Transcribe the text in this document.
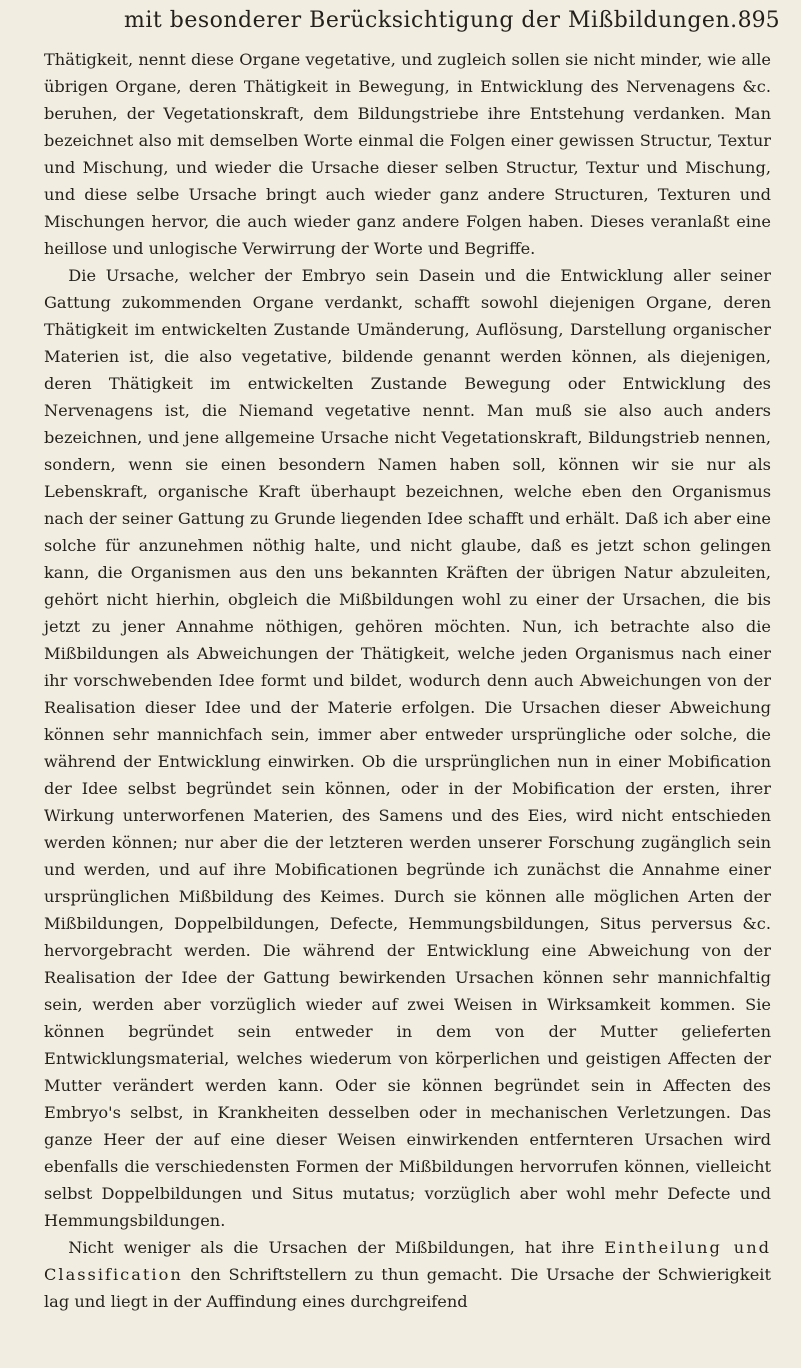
mit besonderer Berücksichtigung der Mißbildungen. 895

Thätigkeit, nennt diese Organe vegetative, und zugleich sollen sie nicht minder, wie alle übrigen Organe, deren Thätigkeit in Bewegung, in Entwicklung des Nervenagens &c. beruhen, der Vegetationskraft, dem Bildungstriebe ihre Entstehung verdanken. Man bezeichnet also mit demselben Worte einmal die Folgen einer gewissen Structur, Textur und Mischung, und wieder die Ursache dieser selben Structur, Textur und Mischung, und diese selbe Ursache bringt auch wieder ganz andere Structuren, Texturen und Mischungen hervor, die auch wieder ganz andere Folgen haben. Dieses veranlaßt eine heillose und unlogische Verwirrung der Worte und Begriffe.

Die Ursache, welcher der Embryo sein Dasein und die Entwicklung aller seiner Gattung zukommenden Organe verdankt, schafft sowohl diejenigen Organe, deren Thätigkeit im entwickelten Zustande Umänderung, Auflösung, Darstellung organischer Materien ist, die also vegetative, bildende genannt werden können, als diejenigen, deren Thätigkeit im entwickelten Zustande Bewegung oder Entwicklung des Nervenagens ist, die Niemand vegetative nennt. Man muß sie also auch anders bezeichnen, und jene allgemeine Ursache nicht Vegetationskraft, Bildungstrieb nennen, sondern, wenn sie einen besondern Namen haben soll, können wir sie nur als Lebenskraft, organische Kraft überhaupt bezeichnen, welche eben den Organismus nach der seiner Gattung zu Grunde liegenden Idee schafft und erhält. Daß ich aber eine solche für anzunehmen nöthig halte, und nicht glaube, daß es jetzt schon gelingen kann, die Organismen aus den uns bekannten Kräften der übrigen Natur abzuleiten, gehört nicht hierhin, obgleich die Mißbildungen wohl zu einer der Ursachen, die bis jetzt zu jener Annahme nöthigen, gehören möchten. Nun, ich betrachte also die Mißbildungen als Abweichungen der Thätigkeit, welche jeden Organismus nach einer ihr vorschwebenden Idee formt und bildet, wodurch denn auch Abweichungen von der Realisation dieser Idee und der Materie erfolgen. Die Ursachen dieser Abweichung können sehr mannichfach sein, immer aber entweder ursprüngliche oder solche, die während der Entwicklung einwirken. Ob die ursprünglichen nun in einer Mobification der Idee selbst begründet sein können, oder in der Mobification der ersten, ihrer Wirkung unterworfenen Materien, des Samens und des Eies, wird nicht entschieden werden können; nur aber die der letzteren werden unserer Forschung zugänglich sein und werden, und auf ihre Mobificationen begründe ich zunächst die Annahme einer ursprünglichen Mißbildung des Keimes. Durch sie können alle möglichen Arten der Mißbildungen, Doppelbildungen, Defecte, Hemmungsbildungen, Situs perversus &c. hervorgebracht werden. Die während der Entwicklung eine Abweichung von der Realisation der Idee der Gattung bewirkenden Ursachen können sehr mannichfaltig sein, werden aber vorzüglich wieder auf zwei Weisen in Wirksamkeit kommen. Sie können begründet sein entweder in dem von der Mutter gelieferten Entwicklungsmaterial, welches wiederum von körperlichen und geistigen Affecten der Mutter verändert werden kann. Oder sie können begründet sein in Affecten des Embryo's selbst, in Krankheiten desselben oder in mechanischen Verletzungen. Das ganze Heer der auf eine dieser Weisen einwirkenden entfernteren Ursachen wird ebenfalls die verschiedensten Formen der Mißbildungen hervorrufen können, vielleicht selbst Doppelbildungen und Situs mutatus; vorzüglich aber wohl mehr Defecte und Hemmungsbildungen.

Nicht weniger als die Ursachen der Mißbildungen, hat ihre Eintheilung und Classification den Schriftstellern zu thun gemacht. Die Ursache der Schwierigkeit lag und liegt in der Auffindung eines durchgreifend
